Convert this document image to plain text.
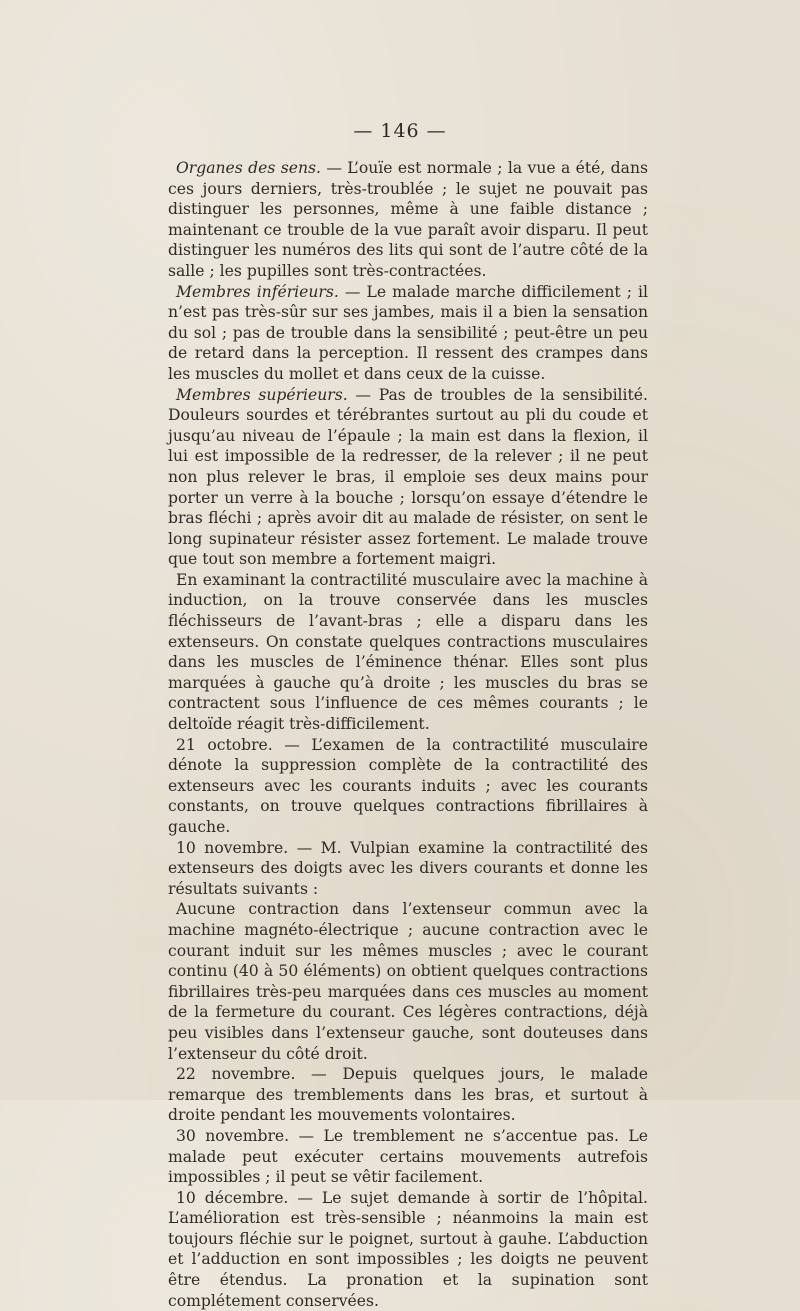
— 146 —

Organes des sens. — L’ouïe est normale ; la vue a été, dans ces jours derniers, très-troublée ; le sujet ne pouvait pas distinguer les personnes, même à une faible distance ; maintenant ce trouble de la vue paraît avoir disparu. Il peut distinguer les numéros des lits qui sont de l’autre côté de la salle ; les pupilles sont très-contractées.

Membres inférieurs. — Le malade marche difficilement ; il n’est pas très-sûr sur ses jambes, mais il a bien la sensation du sol ; pas de trouble dans la sensibilité ; peut-être un peu de retard dans la perception. Il ressent des crampes dans les muscles du mollet et dans ceux de la cuisse.

Membres supérieurs. — Pas de troubles de la sensibilité. Douleurs sourdes et térébrantes surtout au pli du coude et jusqu’au niveau de l’épaule ; la main est dans la flexion, il lui est impossible de la redresser, de la relever ; il ne peut non plus relever le bras, il emploie ses deux mains pour porter un verre à la bouche ; lorsqu’on essaye d’étendre le bras fléchi ; après avoir dit au malade de résister, on sent le long supinateur résister assez fortement. Le malade trouve que tout son membre a fortement maigri.

En examinant la contractilité musculaire avec la machine à induction, on la trouve conservée dans les muscles fléchisseurs de l’avant-bras ; elle a disparu dans les extenseurs. On constate quelques contractions musculaires dans les muscles de l’éminence thénar. Elles sont plus marquées à gauche qu’à droite ; les muscles du bras se contractent sous l’influence de ces mêmes courants ; le deltoïde réagit très-difficilement.

21 octobre. — L’examen de la contractilité musculaire dénote la suppression complète de la contractilité des extenseurs avec les courants induits ; avec les courants constants, on trouve quelques contractions fibrillaires à gauche.

10 novembre. — M. Vulpian examine la contractilité des extenseurs des doigts avec les divers courants et donne les résultats suivants :

Aucune contraction dans l’extenseur commun avec la machine magnéto-électrique ; aucune contraction avec le courant induit sur les mêmes muscles ; avec le courant continu (40 à 50 éléments) on obtient quelques contractions fibrillaires très-peu marquées dans ces muscles au moment de la fermeture du courant. Ces légères contractions, déjà peu visibles dans l’extenseur gauche, sont douteuses dans l’extenseur du côté droit.

22 novembre. — Depuis quelques jours, le malade remarque des tremblements dans les bras, et surtout à droite pendant les mouvements volontaires.

30 novembre. — Le tremblement ne s’accentue pas. Le malade peut exécuter certains mouvements autrefois impossibles ; il peut se vêtir facilement.

10 décembre. — Le sujet demande à sortir de l’hôpital. L’amélioration est très-sensible ; néanmoins la main est toujours fléchie sur le poignet, surtout à gauhe. L’abduction et l’adduction en sont impossibles ; les doigts ne peuvent être étendus. La pronation et la supination sont complétement conservées.
